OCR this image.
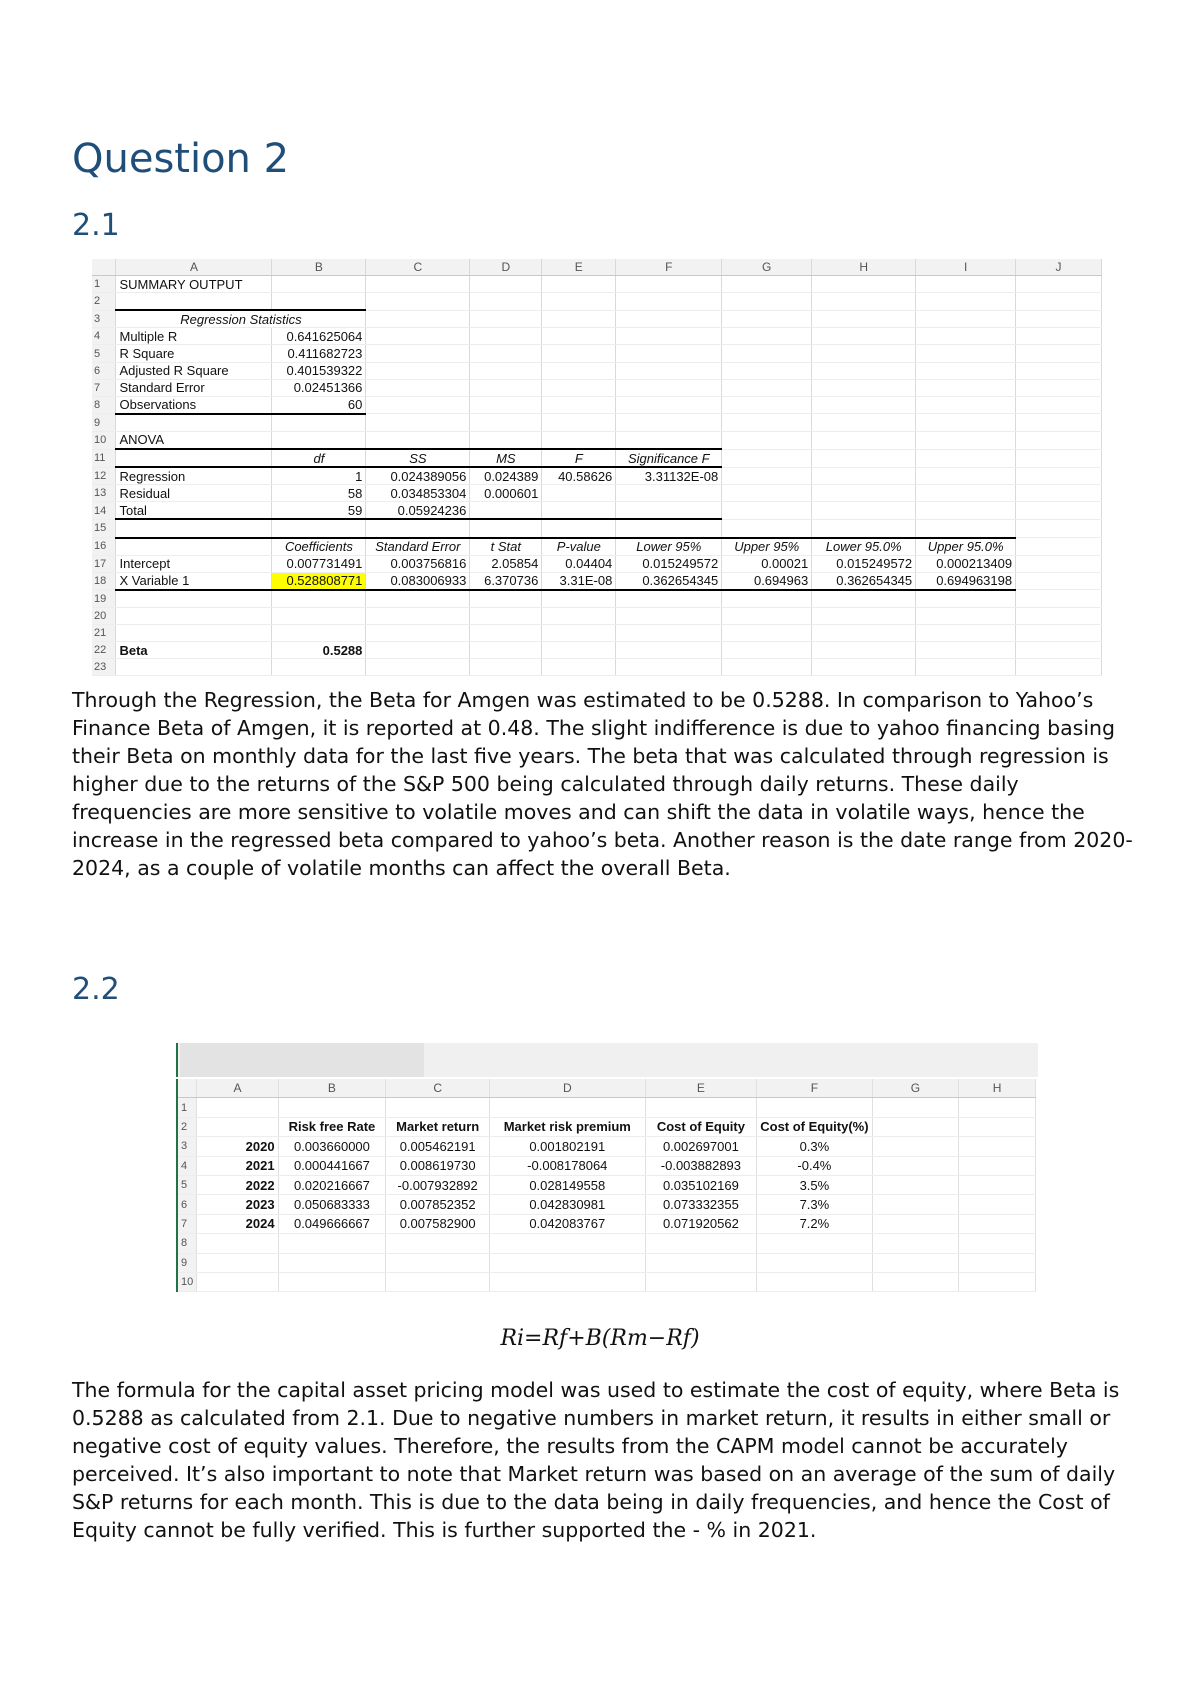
Question 2
2.1
	A	B	C	D	E	F	G	H	I	J
1	SUMMARY OUTPUT									
2										
3	Regression Statistics									
4	Multiple R	0.641625064								
5	R Square	0.411682723								
6	Adjusted R Square	0.401539322								
7	Standard Error	0.02451366								
8	Observations	60								
9										
10	ANOVA									
11		df	SS	MS	F	Significance F				
12	Regression	1	0.024389056	0.024389	40.58626	3.31132E-08				
13	Residual	58	0.034853304	0.000601						
14	Total	59	0.05924236							
15										
16		Coefficients	Standard Error	t Stat	P-value	Lower 95%	Upper 95%	Lower 95.0%	Upper 95.0%	
17	Intercept	0.007731491	0.003756816	2.05854	0.04404	0.015249572	0.00021	0.015249572	0.000213409	
18	X Variable 1	0.528808771	0.083006933	6.370736	3.31E-08	0.362654345	0.694963	0.362654345	0.694963198	
19										
20										
21										
22	Beta	0.5288								
23										

Through the Regression, the Beta for Amgen was estimated to be 0.5288. In comparison to Yahoo’s Finance Beta of Amgen, it is reported at 0.48. The slight indifference is due to yahoo financing basing their Beta on monthly data for the last five years. The beta that was calculated through regression is higher due to the returns of the S&P 500 being calculated through daily returns. These daily frequencies are more sensitive to volatile moves and can shift the data in volatile ways, hence the increase in the regressed beta compared to yahoo’s beta. Another reason is the date range from 2020-2024, as a couple of volatile months can affect the overall Beta.

2.2
	A	B	C	D	E	F	G	H
1								
2		Risk free Rate	Market return	Market risk premium	Cost of Equity	Cost of Equity(%)		
3	2020	0.003660000	0.005462191	0.001802191	0.002697001	0.3%		
4	2021	0.000441667	0.008619730	-0.008178064	-0.003882893	-0.4%		
5	2022	0.020216667	-0.007932892	0.028149558	0.035102169	3.5%		
6	2023	0.050683333	0.007852352	0.042830981	0.073332355	7.3%		
7	2024	0.049666667	0.007582900	0.042083767	0.071920562	7.2%		
8								
9								
10								
Ri=Rf+B(Rm−Rf)

The formula for the capital asset pricing model was used to estimate the cost of equity, where Beta is 0.5288 as calculated from 2.1. Due to negative numbers in market return, it results in either small or negative cost of equity values. Therefore, the results from the CAPM model cannot be accurately perceived. It’s also important to note that Market return was based on an average of the sum of daily S&P returns for each month. This is due to the data being in daily frequencies, and hence the Cost of Equity cannot be fully verified. This is further supported the - % in 2021.
